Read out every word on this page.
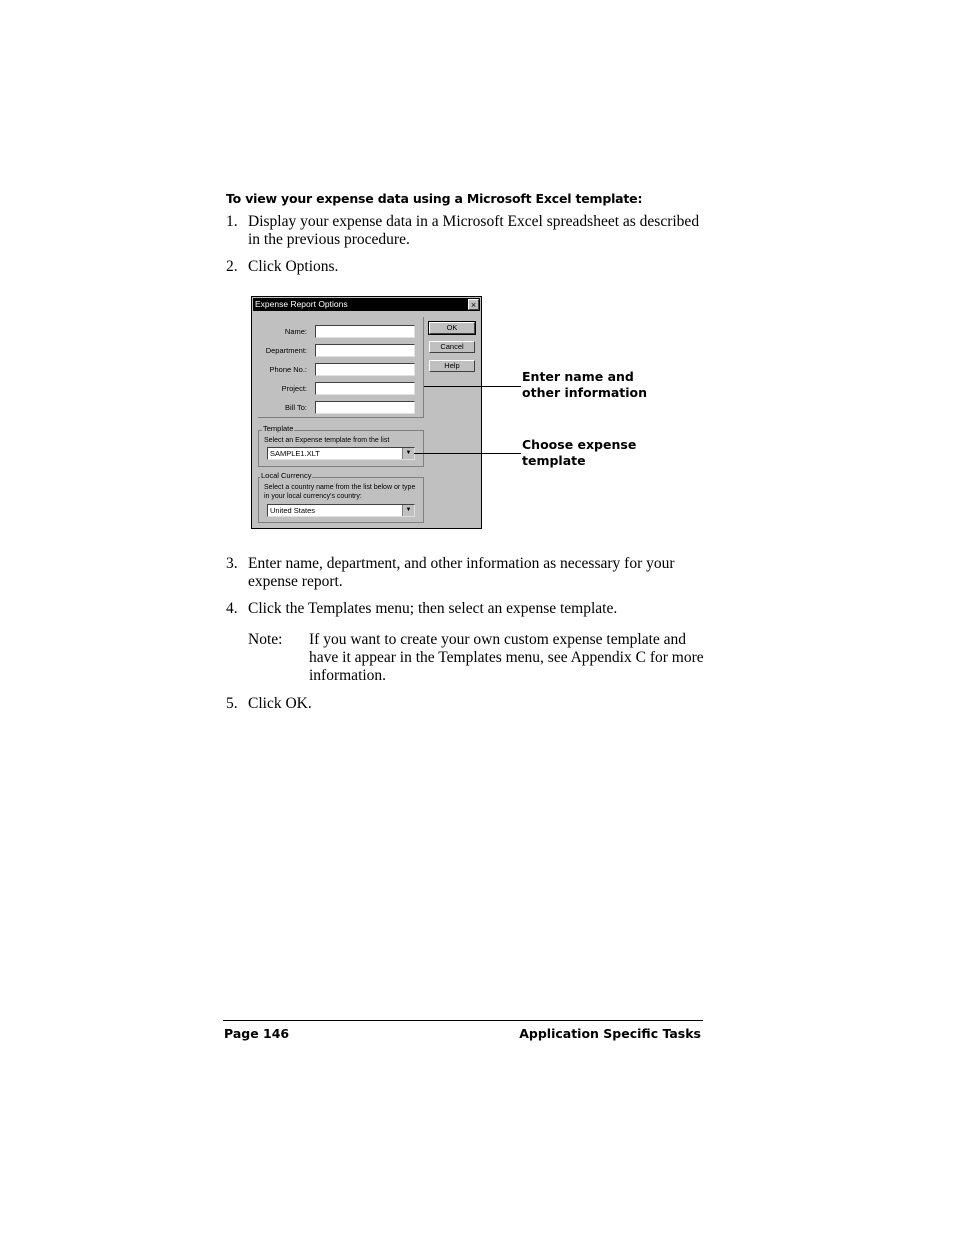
To view your expense data using a Microsoft Excel template:
1. Display your expense data in a Microsoft Excel spreadsheet as described in the previous procedure.
2. Click Options.
Expense Report Options	×
Name:
Department:
Phone No.:
Project:
Bill To:
OK
Cancel
Help
Template
Select an Expense template from the list
SAMPLE1.XLT	▼
Local Currency
Select a country name from the list below or type in your local currency's country:
United States	▼
Enter name and other information
Choose expense template
3. Enter name, department, and other information as necessary for your expense report.
4. Click the Templates menu; then select an expense template.
Note: If you want to create your own custom expense template and have it appear in the Templates menu, see Appendix C for more information.
5. Click OK.
Page 146	Application Specific Tasks
